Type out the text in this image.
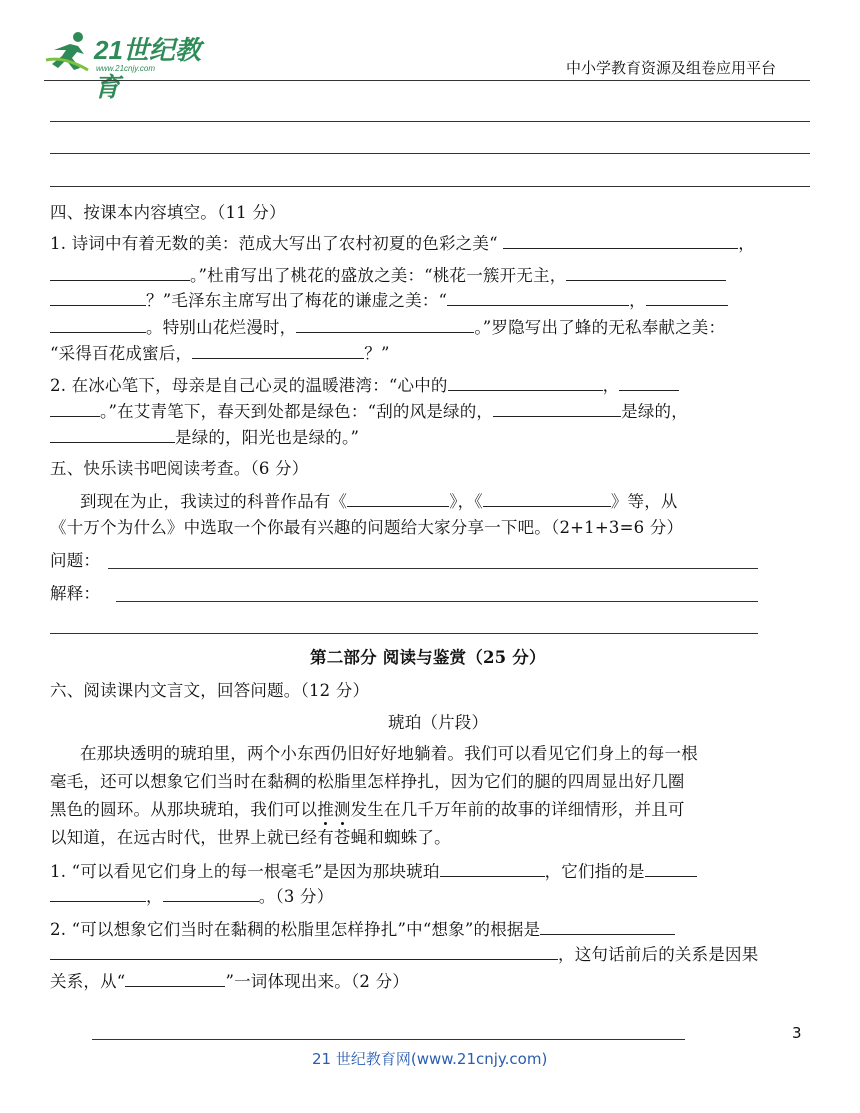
21世纪教育
www.21cnjy.com	中小学教育资源及组卷应用平台
四、按课本内容填空。（11 分）
1. 诗词中有着无数的美：范成大写出了农村初夏的色彩之美“	，
。”杜甫写出了桃花的盛放之美：“桃花一簇开无主，
？”毛泽东主席写出了梅花的谦虚之美：“	，
。特别山花烂漫时，	。”罗隐写出了蜂的无私奉献之美：
“采得百花成蜜后，	？”
2. 在冰心笔下，母亲是自己心灵的温暖港湾：“心中的	，
。”在艾青笔下，春天到处都是绿色：“刮的风是绿的，	是绿的，
是绿的，阳光也是绿的。”
五、快乐读书吧阅读考查。（6 分）
到现在为止，我读过的科普作品有《	》，《	》等，从
《十万个为什么》中选取一个你最有兴趣的问题给大家分享一下吧。（2+1+3=6 分）
问题：
解释：
第二部分 阅读与鉴赏（25 分）
六、阅读课内文言文，回答问题。（12 分）
琥珀（片段）
在那块透明的琥珀里，两个小东西仍旧好好地躺着。我们可以看见它们身上的每一根
毫毛，还可以想象它们当时在黏稠的松脂里怎样挣扎，因为它们的腿的四周显出好几圈
黑色的圆环。从那块琥珀，我们可以推测发生在几千万年前的故事的详细情形，并且可
以知道，在远古时代，世界上就已经有苍蝇和蜘蛛了。
1. “可以看见它们身上的每一根毫毛”是因为那块琥珀	，它们指的是
，	。（3 分）
2. “可以想象它们当时在黏稠的松脂里怎样挣扎”中“想象”的根据是
，这句话前后的关系是因果
关系，从“	”一词体现出来。（2 分）
3
21 世纪教育网(www.21cnjy.com)
